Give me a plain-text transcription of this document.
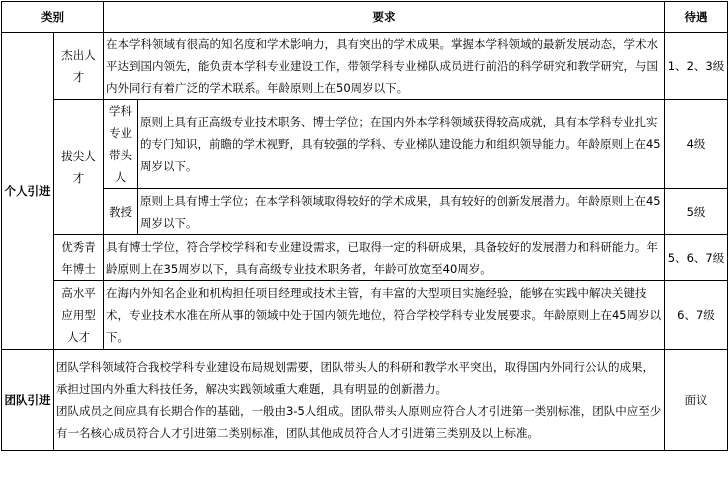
类别		要求		待遇
个人引进	杰出人才	在本学科领域有很高的知名度和学术影响力，具有突出的学术成果。掌握本学科领域的最新发展动态，学术水平达到国内领先，能负责本学科专业建设工作，带领学科专业梯队成员进行前沿的科学研究和教学研究，与国内外同行有着广泛的学术联系。年龄原则上在50周岁以下。		1、2、3级
	拔尖人才	学科专业带头人	原则上具有正高级专业技术职务、博士学位；在国内外本学科领域获得较高成就，具有本学科专业扎实的专门知识，前瞻的学术视野，具有较强的学科、专业梯队建设能力和组织领导能力。年龄原则上在45周岁以下。	4级
		教授	原则上具有博士学位；在本学科领域取得较好的学术成果，具有较好的创新发展潜力。年龄原则上在45周岁以下。	5级
	优秀青年博士	具有博士学位，符合学校学科和专业建设需求，已取得一定的科研成果，具备较好的发展潜力和科研能力。年龄原则上在35周岁以下，具有高级专业技术职务者，年龄可放宽至40周岁。		5、6、7级
	高水平应用型人才	在海内外知名企业和机构担任项目经理或技术主管，有丰富的大型项目实施经验，能够在实践中解决关键技术，专业技术水准在所从事的领域中处于国内领先地位，符合学校学科专业发展要求。年龄原则上在45周岁以下。		6、7级
团队引进	团队学科领域符合我校学科专业建设布局规划需要，团队带头人的科研和教学水平突出，取得国内外同行公认的成果，承担过国内外重大科技任务，解决实践领域重大难题，具有明显的创新潜力。
团队成员之间应具有长期合作的基础，一般由3-5人组成。团队带头人原则应符合人才引进第一类别标准，团队中应至少有一名核心成员符合人才引进第二类别标准，团队其他成员符合人才引进第三类别及以上标准。			面议
